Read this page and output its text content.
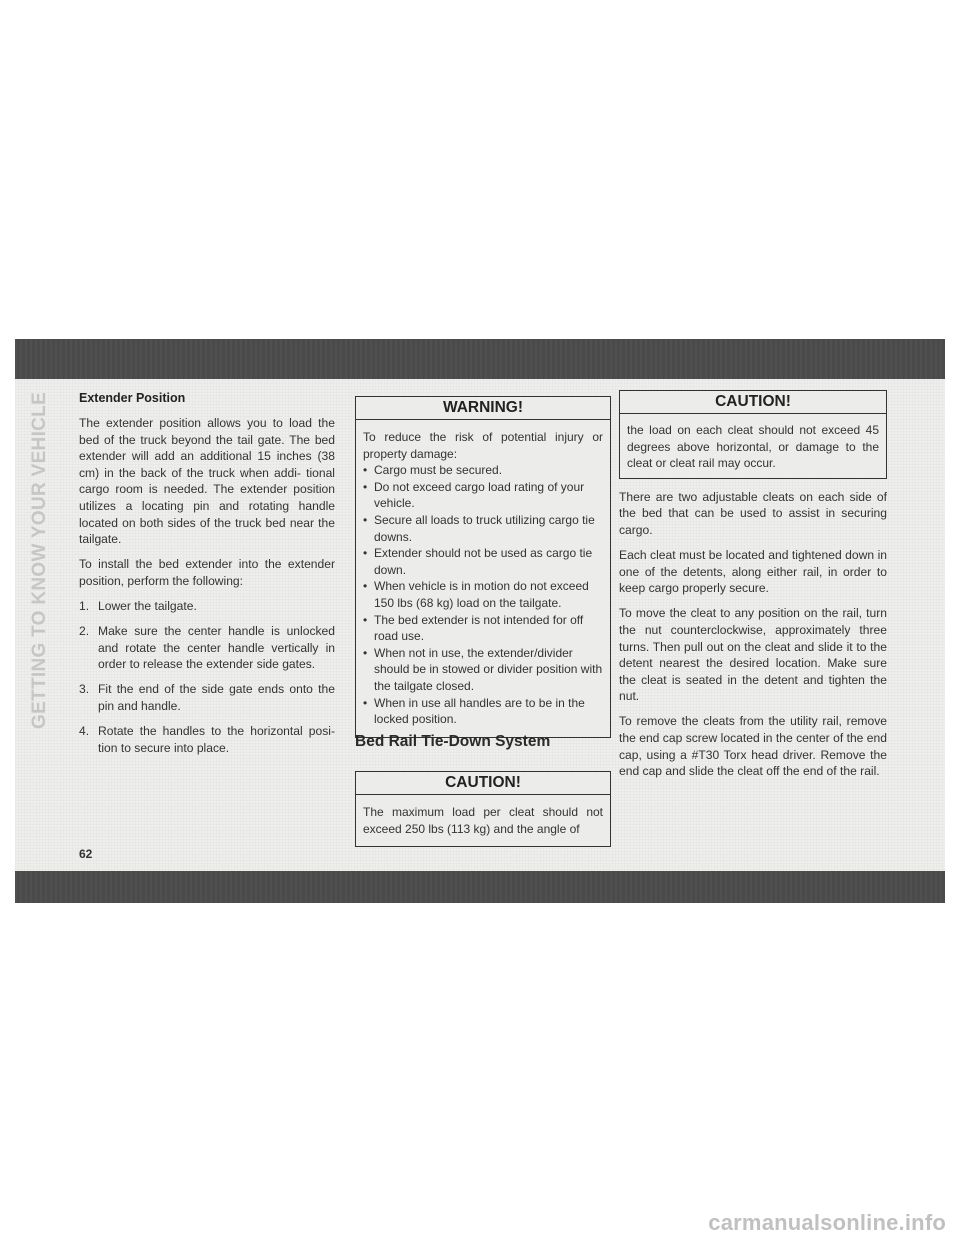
GETTING TO KNOW YOUR VEHICLE Extender Position

The extender position allows you to load the bed of the truck beyond the tail gate. The bed extender will add an additional 15 inches (38 cm) in the back of the truck when addi- tional cargo room is needed. The extender position utilizes a locating pin and rotating handle located on both sides of the truck bed near the tailgate.

To install the bed extender into the extender position, perform the following:

1. Lower the tailgate.
2. Make sure the center handle is unlocked and rotate the center handle vertically in order to release the extender side gates.
3. Fit the end of the side gate ends onto the pin and handle.
4. Rotate the handles to the horizontal posi- tion to secure into place.
WARNING!

To reduce the risk of potential injury or property damage:

• Cargo must be secured.
• Do not exceed cargo load rating of your vehicle.
• Secure all loads to truck utilizing cargo tie downs.
• Extender should not be used as cargo tie down.
• When vehicle is in motion do not exceed 150 lbs (68 kg) load on the tailgate.
• The bed extender is not intended for off road use.
• When not in use, the extender/divider should be in stowed or divider position with the tailgate closed.
• When in use all handles are to be in the locked position.
Bed Rail Tie-Down System
CAUTION!

The maximum load per cleat should not exceed 250 lbs (113 kg) and the angle of

CAUTION!

the load on each cleat should not exceed 45 degrees above horizontal, or damage to the cleat or cleat rail may occur.

There are two adjustable cleats on each side of the bed that can be used to assist in securing cargo.

Each cleat must be located and tightened down in one of the detents, along either rail, in order to keep cargo properly secure.

To move the cleat to any position on the rail, turn the nut counterclockwise, approximately three turns. Then pull out on the cleat and slide it to the detent nearest the desired location. Make sure the cleat is seated in the detent and tighten the nut.

To remove the cleats from the utility rail, remove the end cap screw located in the center of the end cap, using a #T30 Torx head driver. Remove the end cap and slide the cleat off the end of the rail.

62
carmanualsonline.info
